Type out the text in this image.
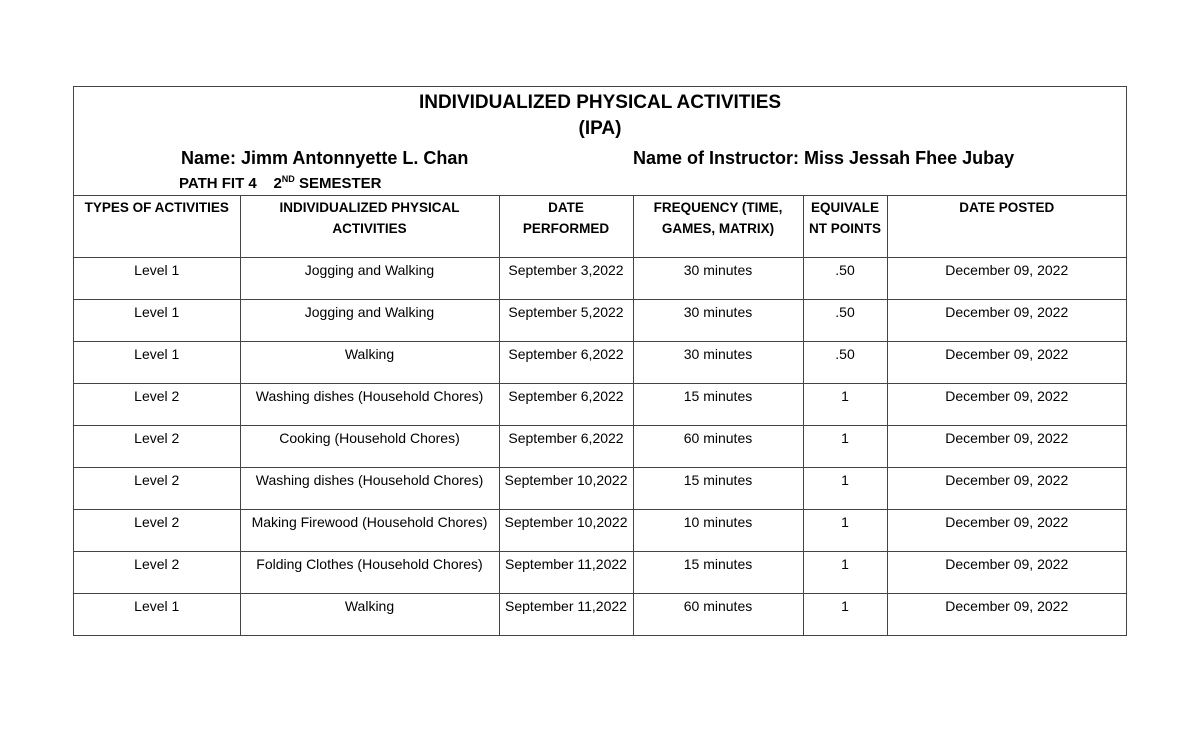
INDIVIDUALIZED PHYSICAL ACTIVITIES
(IPA)
Name: Jimm Antonnyette L. Chan	Name of Instructor: Miss Jessah Fhee Jubay
PATH FIT 4 2ND SEMESTER
TYPES OF ACTIVITIES	INDIVIDUALIZED PHYSICAL ACTIVITIES	DATE PERFORMED	FREQUENCY (TIME, GAMES, MATRIX)	EQUIVALENT POINTS	DATE POSTED
Level 1	Jogging and Walking	September 3,2022	30 minutes	.50	December 09, 2022
Level 1	Jogging and Walking	September 5,2022	30 minutes	.50	December 09, 2022
Level 1	Walking	September 6,2022	30 minutes	.50	December 09, 2022
Level 2	Washing dishes (Household Chores)	September 6,2022	15 minutes	1	December 09, 2022
Level 2	Cooking (Household Chores)	September 6,2022	60 minutes	1	December 09, 2022
Level 2	Washing dishes (Household Chores)	September 10,2022	15 minutes	1	December 09, 2022
Level 2	Making Firewood (Household Chores)	September 10,2022	10 minutes	1	December 09, 2022
Level 2	Folding Clothes (Household Chores)	September 11,2022	15 minutes	1	December 09, 2022
Level 1	Walking	September 11,2022	60 minutes	1	December 09, 2022
